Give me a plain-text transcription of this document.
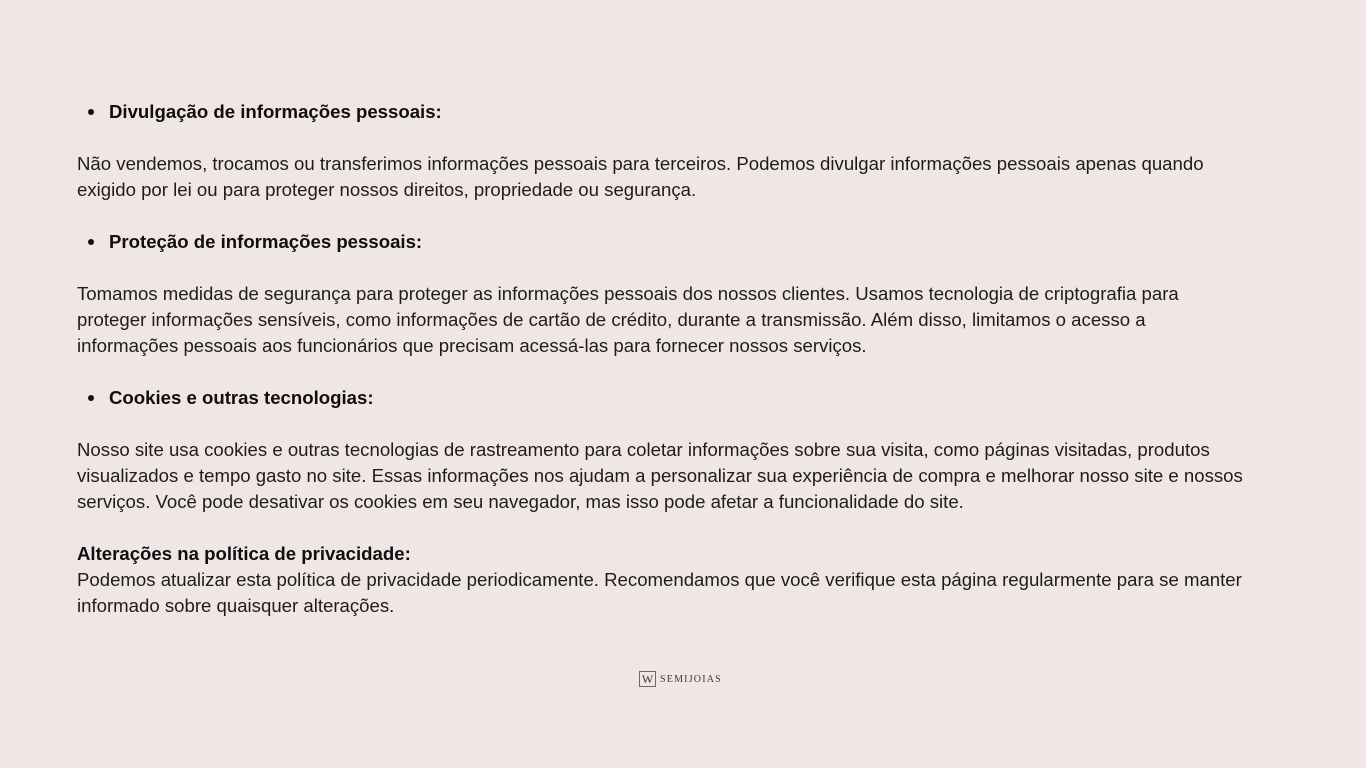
Divulgação de informações pessoais:

Não vendemos, trocamos ou transferimos informações pessoais para terceiros. Podemos divulgar informações pessoais apenas quando exigido por lei ou para proteger nossos direitos, propriedade ou segurança.

Proteção de informações pessoais:

Tomamos medidas de segurança para proteger as informações pessoais dos nossos clientes. Usamos tecnologia de criptografia para proteger informações sensíveis, como informações de cartão de crédito, durante a transmissão. Além disso, limitamos o acesso a informações pessoais aos funcionários que precisam acessá-las para fornecer nossos serviços.

Cookies e outras tecnologias:

Nosso site usa cookies e outras tecnologias de rastreamento para coletar informações sobre sua visita, como páginas visitadas, produtos visualizados e tempo gasto no site. Essas informações nos ajudam a personalizar sua experiência de compra e melhorar nosso site e nossos serviços. Você pode desativar os cookies em seu navegador, mas isso pode afetar a funcionalidade do site.

Alterações na política de privacidade:

Podemos atualizar esta política de privacidade periodicamente. Recomendamos que você verifique esta página regularmente para se manter informado sobre quaisquer alterações.

W SEMIJOIAS
